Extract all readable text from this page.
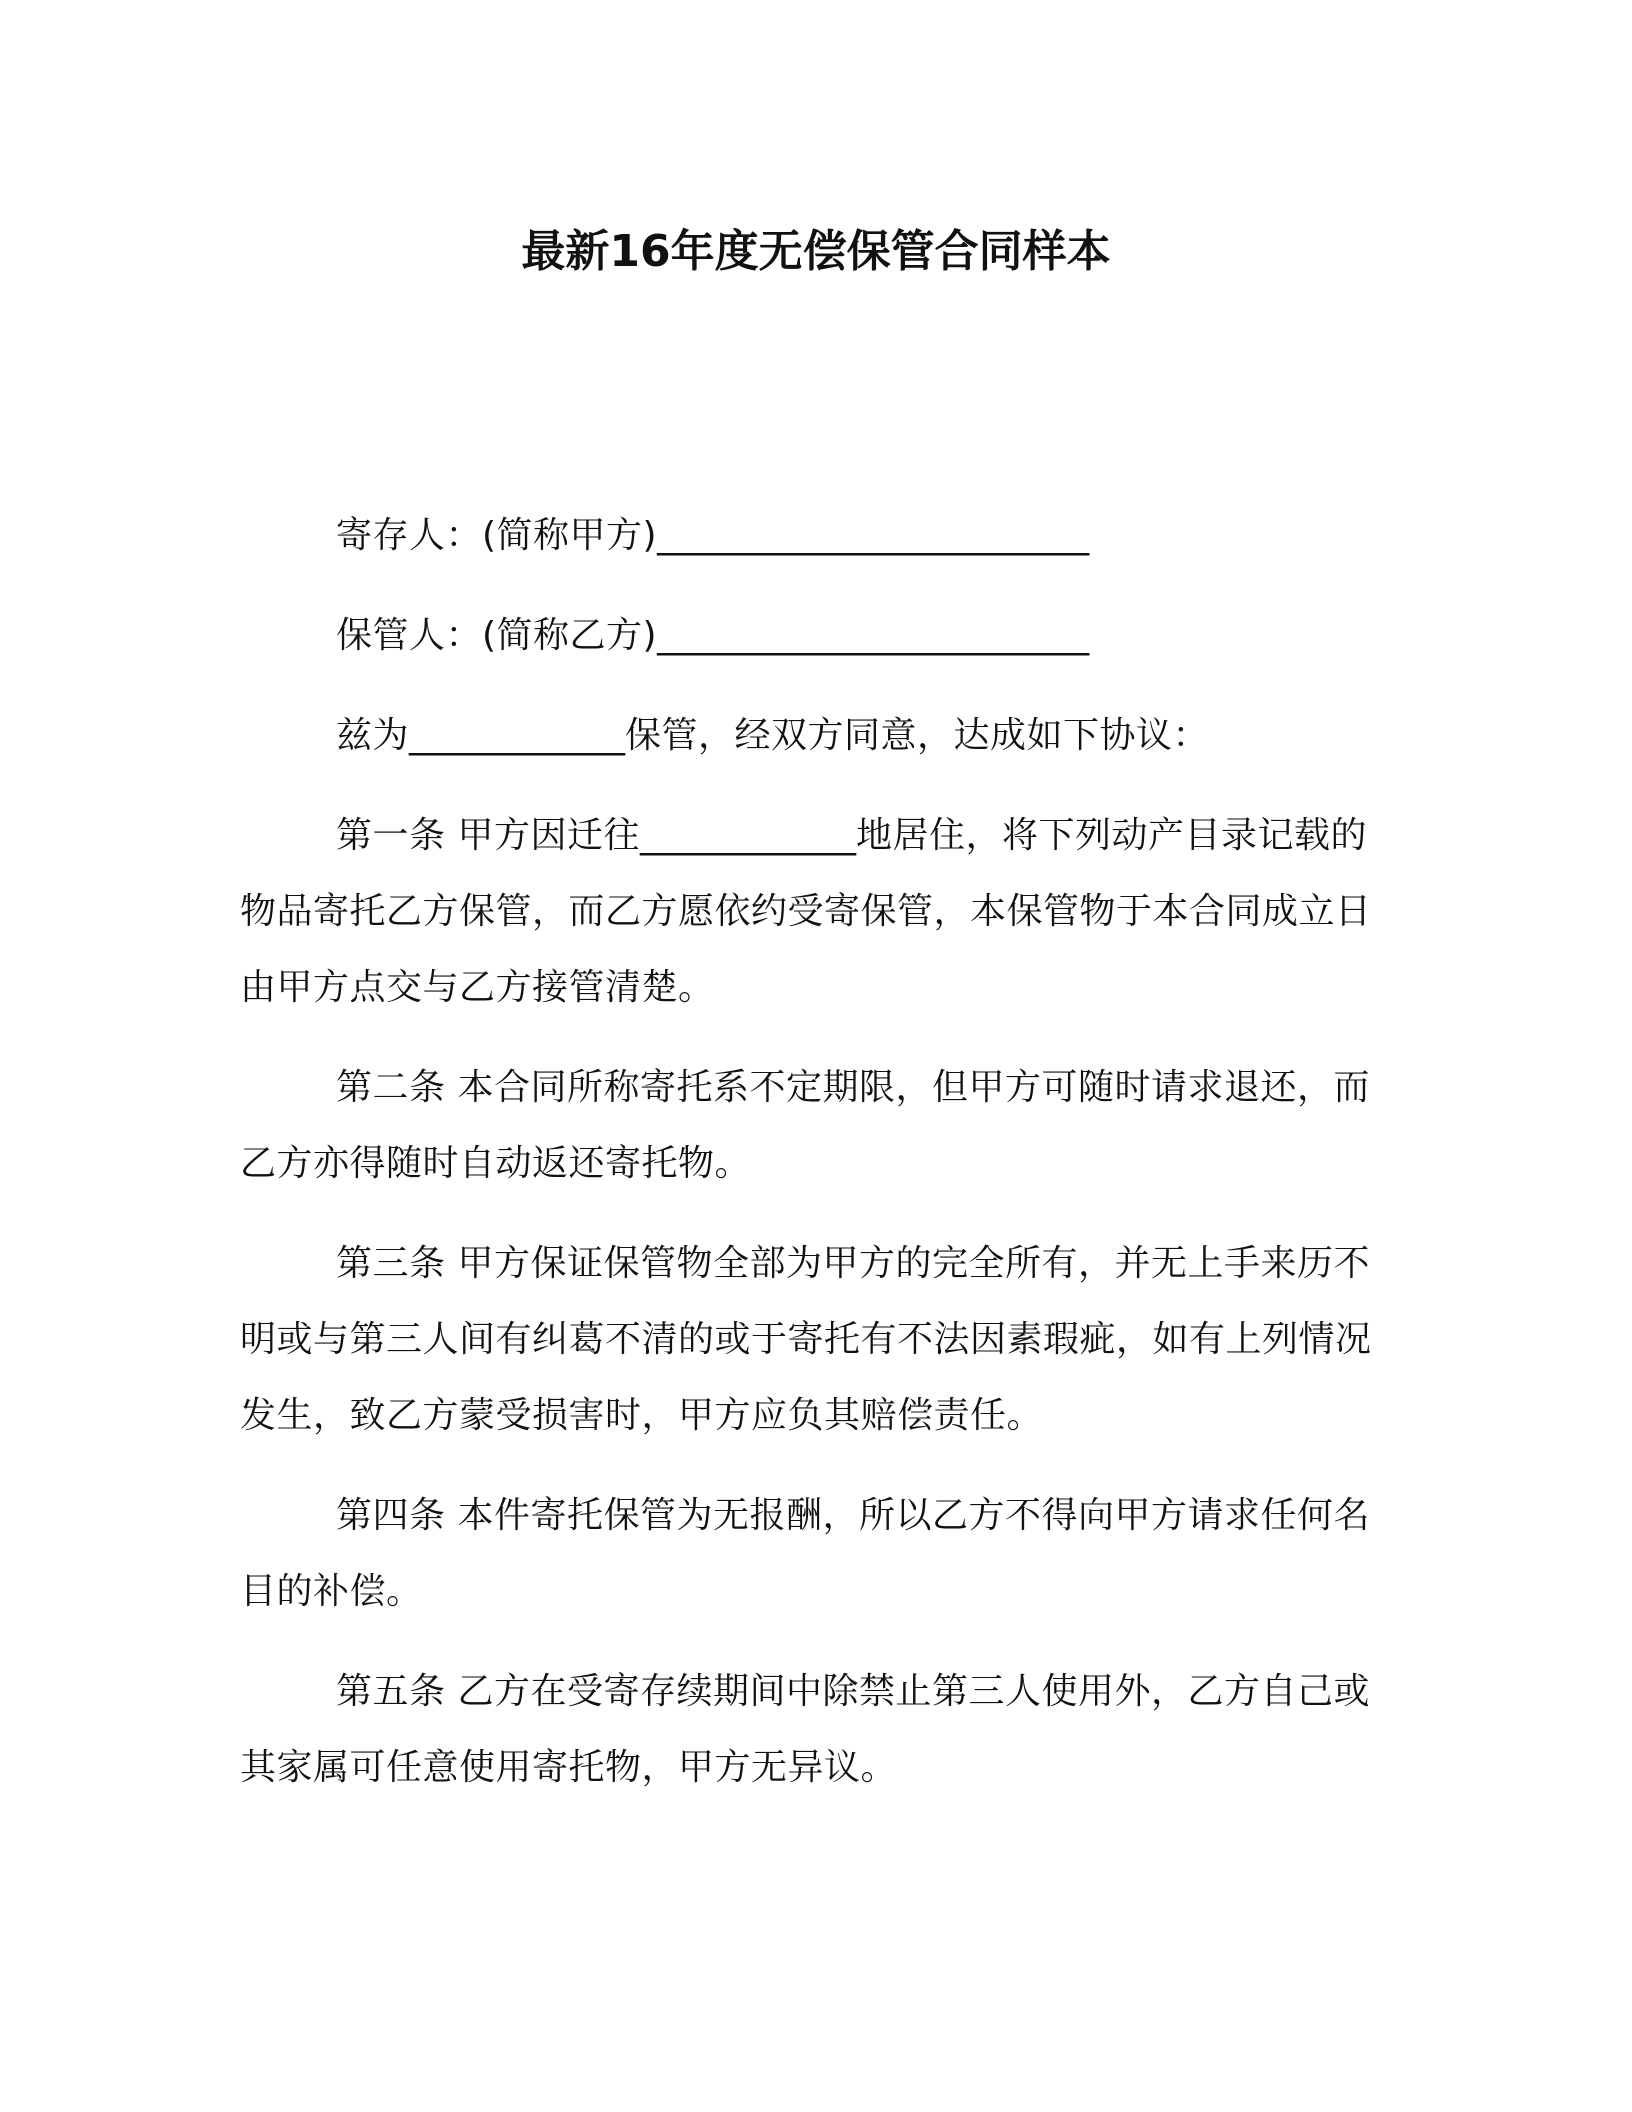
最新16年度无偿保管合同样本

寄存人：(简称甲方)________________________

保管人：(简称乙方)________________________

兹为____________保管，经双方同意，达成如下协议：

第一条 甲方因迁往____________地居住，将下列动产目录记载的物品寄托乙方保管，而乙方愿依约受寄保管，本保管物于本合同成立日由甲方点交与乙方接管清楚。

第二条 本合同所称寄托系不定期限，但甲方可随时请求退还，而乙方亦得随时自动返还寄托物。

第三条 甲方保证保管物全部为甲方的完全所有，并无上手来历不明或与第三人间有纠葛不清的或于寄托有不法因素瑕疵，如有上列情况发生，致乙方蒙受损害时，甲方应负其赔偿责任。

第四条 本件寄托保管为无报酬，所以乙方不得向甲方请求任何名目的补偿。

第五条 乙方在受寄存续期间中除禁止第三人使用外，乙方自己或其家属可任意使用寄托物，甲方无异议。
